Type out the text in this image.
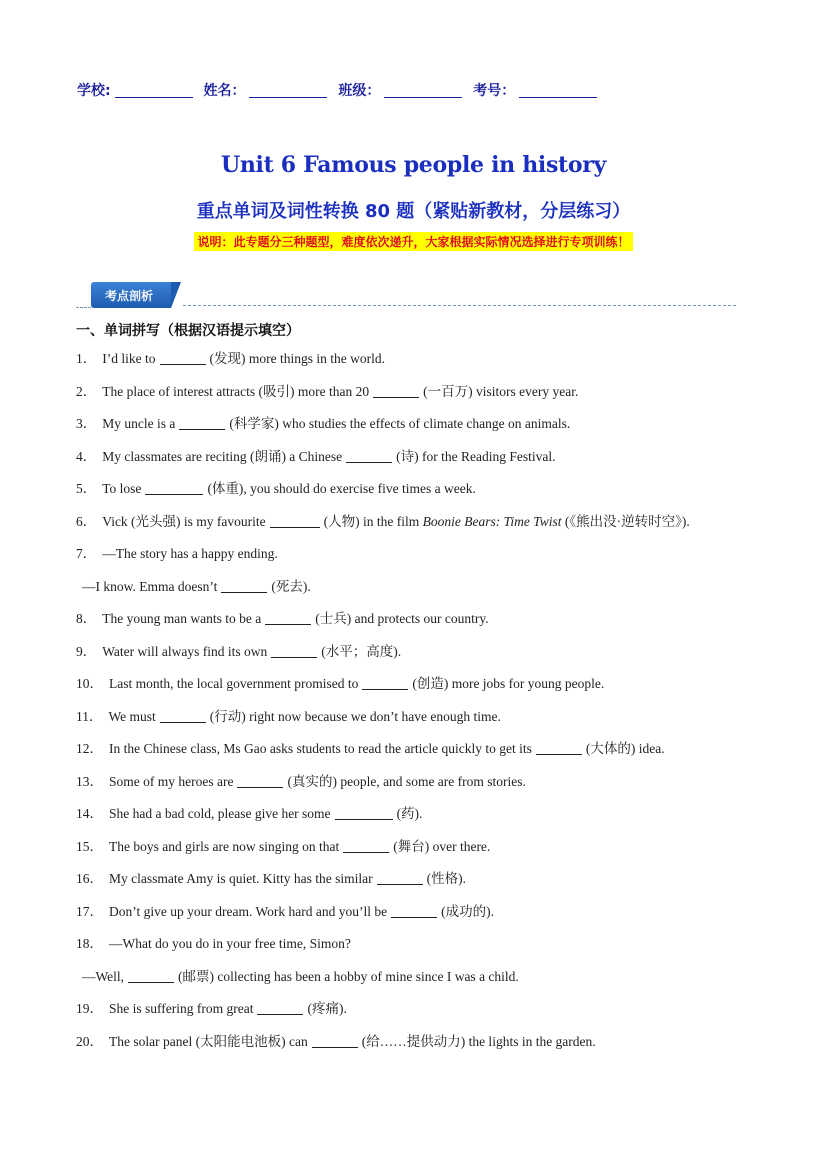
学校:	姓名：	班级：	考号：
Unit 6 Famous people in history
重点单词及词性转换 80 题（紧贴新教材，分层练习）
说明：此专题分三种题型，难度依次递升，大家根据实际情况选择进行专项训练！
考点剖析
一、单词拼写（根据汉语提示填空）
1． I’d like to	(发现) more things in the world.
2． The place of interest attracts (吸引) more than 20	(一百万) visitors every year.
3． My uncle is a	(科学家) who studies the effects of climate change on animals.
4． My classmates are reciting (朗诵) a Chinese	(诗) for the Reading Festival.
5． To lose	(体重), you should do exercise five times a week.
6． Vick (光头强) is my favourite	(人物) in the film Boonie Bears: Time Twist (《熊出没·逆转时空》).
7． —The story has a happy ending.
—I know. Emma doesn’t	(死去).
8． The young man wants to be a	(士兵) and protects our country.
9． Water will always find its own	(水平；高度).
10． Last month, the local government promised to	(创造) more jobs for young people.
11． We must	(行动) right now because we don’t have enough time.
12． In the Chinese class, Ms Gao asks students to read the article quickly to get its	(大体的) idea.
13． Some of my heroes are	(真实的) people, and some are from stories.
14． She had a bad cold, please give her some	(药).
15． The boys and girls are now singing on that	(舞台) over there.
16． My classmate Amy is quiet. Kitty has the similar	(性格).
17． Don’t give up your dream. Work hard and you’ll be	(成功的).
18． —What do you do in your free time, Simon?
—Well,	(邮票) collecting has been a hobby of mine since I was a child.
19． She is suffering from great	(疼痛).
20． The solar panel (太阳能电池板) can	(给……提供动力) the lights in the garden.
